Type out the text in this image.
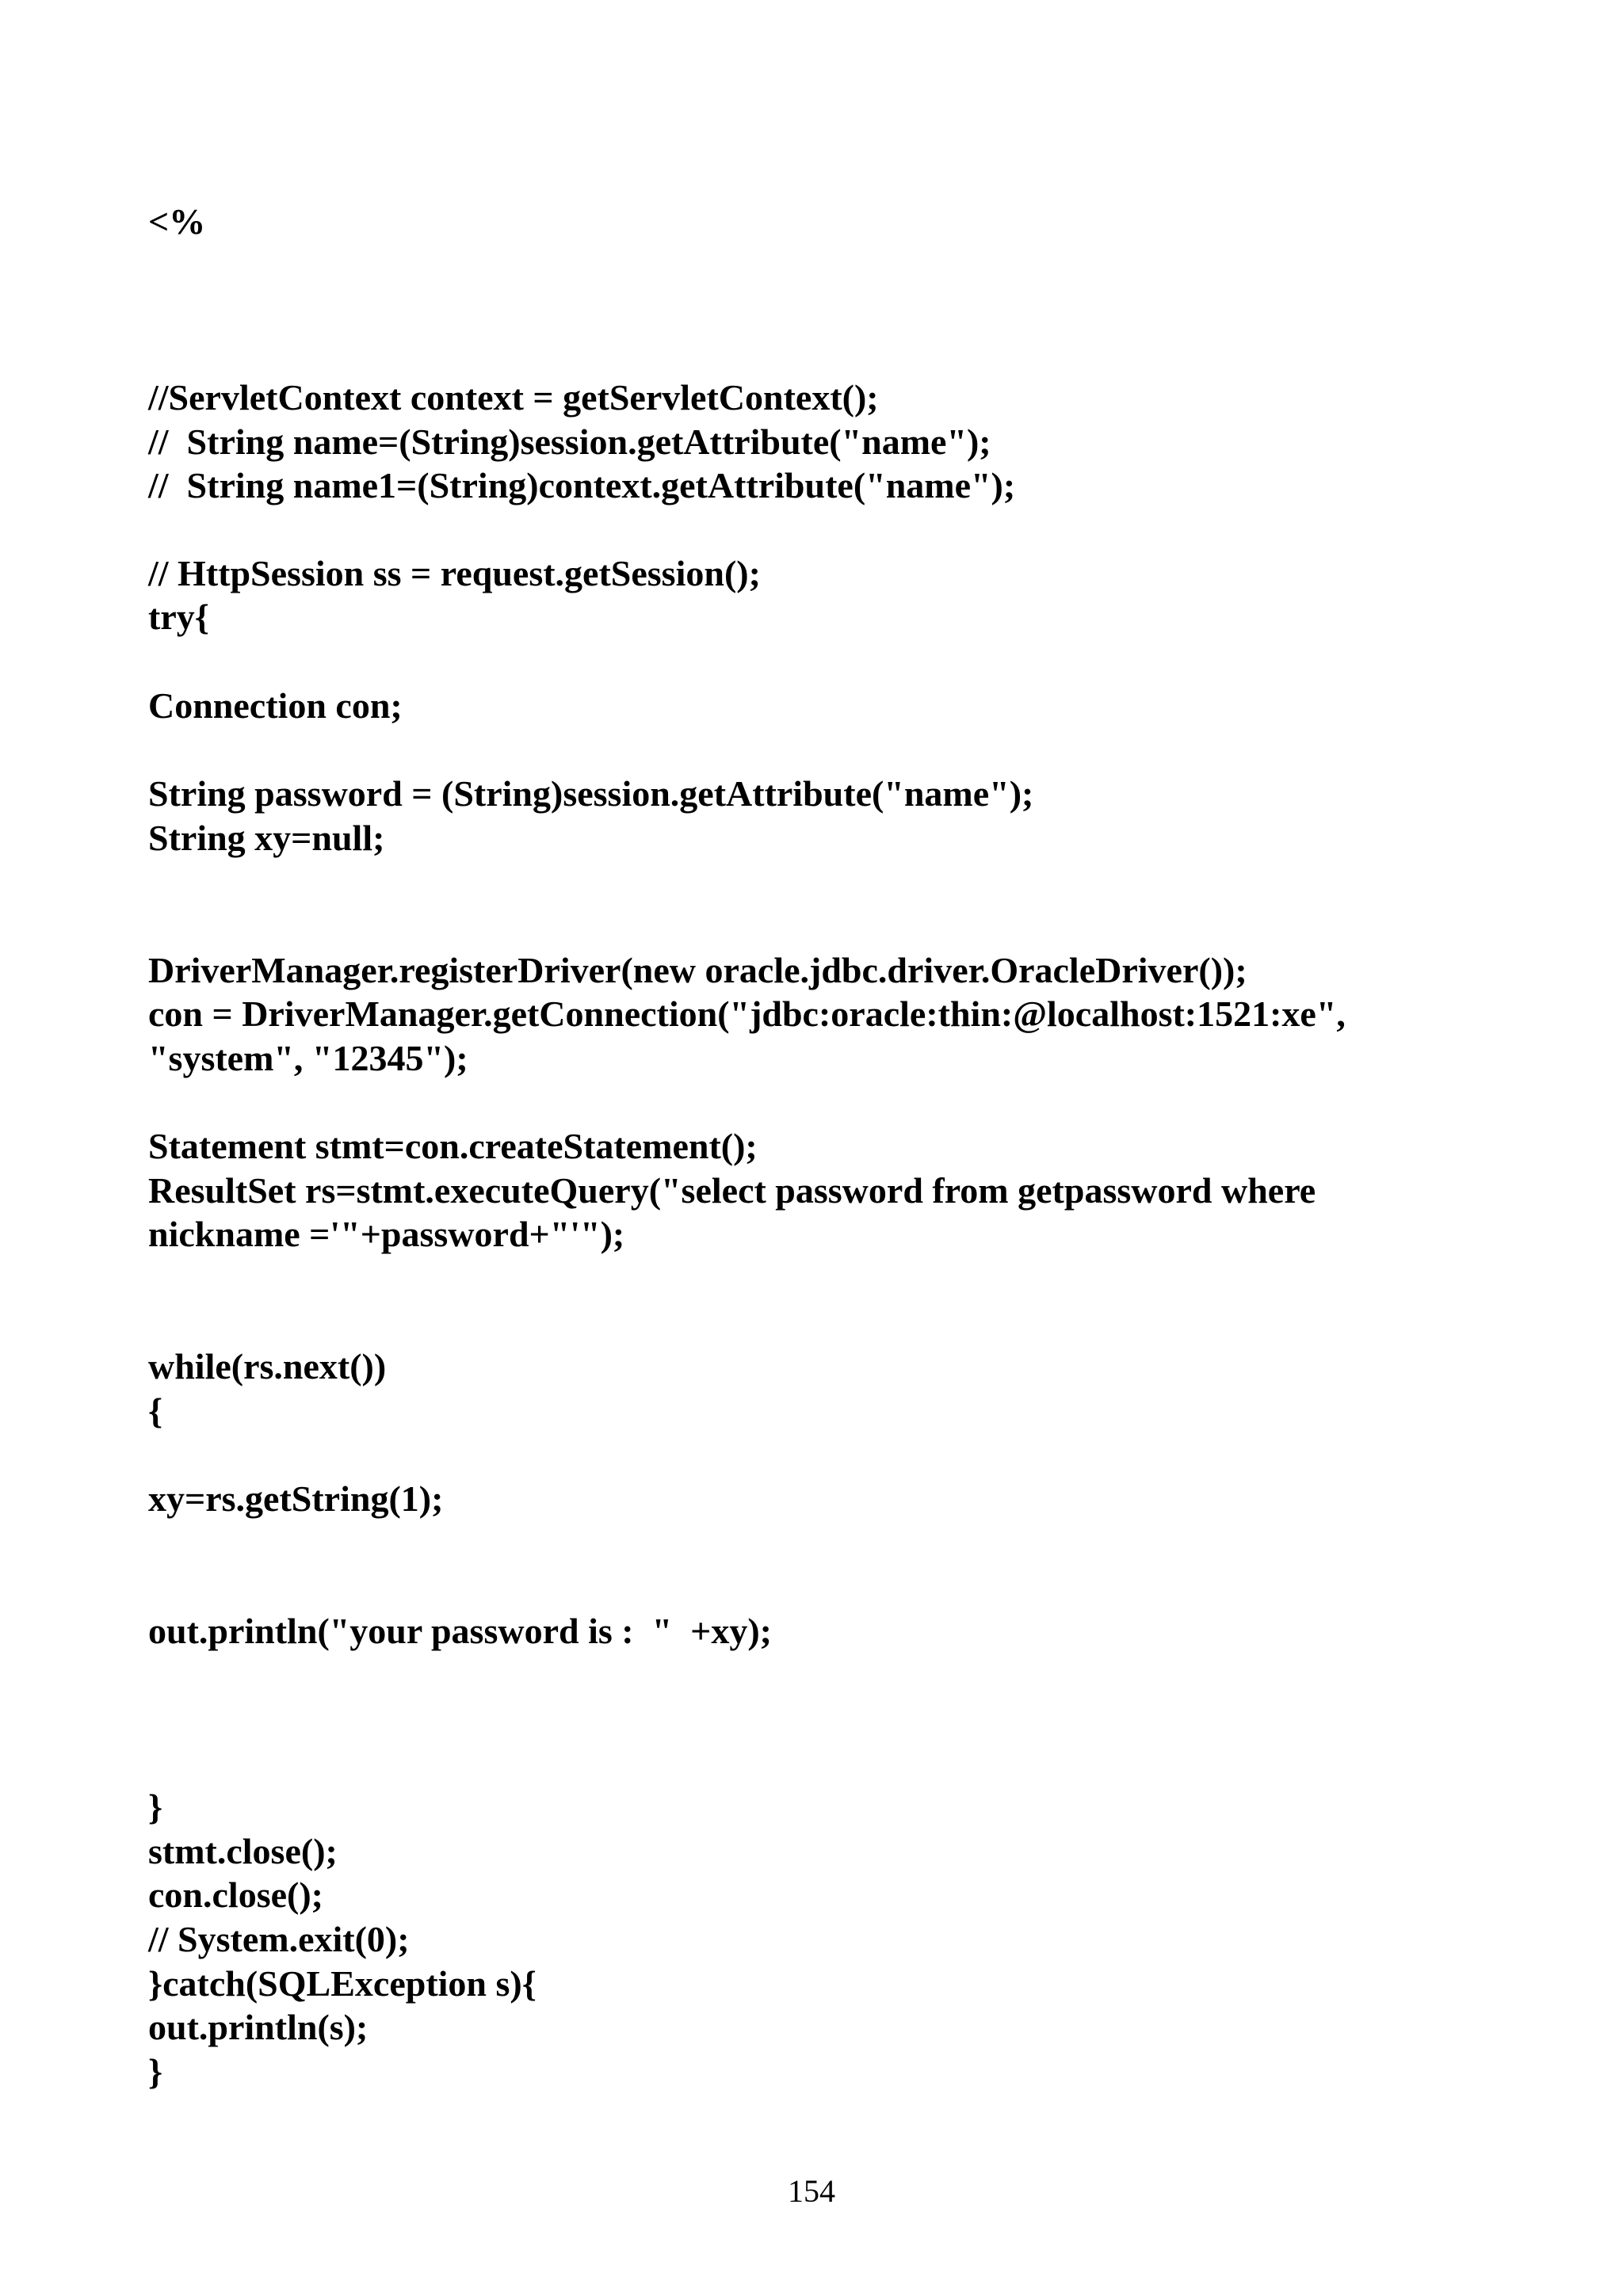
<%
//ServletContext context = getServletContext();
//  String name=(String)session.getAttribute("name");
//  String name1=(String)context.getAttribute("name");
// HttpSession ss = request.getSession();
try{
Connection con;
String password = (String)session.getAttribute("name");
String xy=null;
DriverManager.registerDriver(new oracle.jdbc.driver.OracleDriver());
con = DriverManager.getConnection("jdbc:oracle:thin:@localhost:1521:xe",
"system", "12345");
Statement stmt=con.createStatement();
ResultSet rs=stmt.executeQuery("select password from getpassword where
nickname ='"+password+"'");
while(rs.next())
{
xy=rs.getString(1);
out.println("your password is :  "  +xy);
}
stmt.close();
con.close();
// System.exit(0);
}catch(SQLException s){
out.println(s);
}
154
